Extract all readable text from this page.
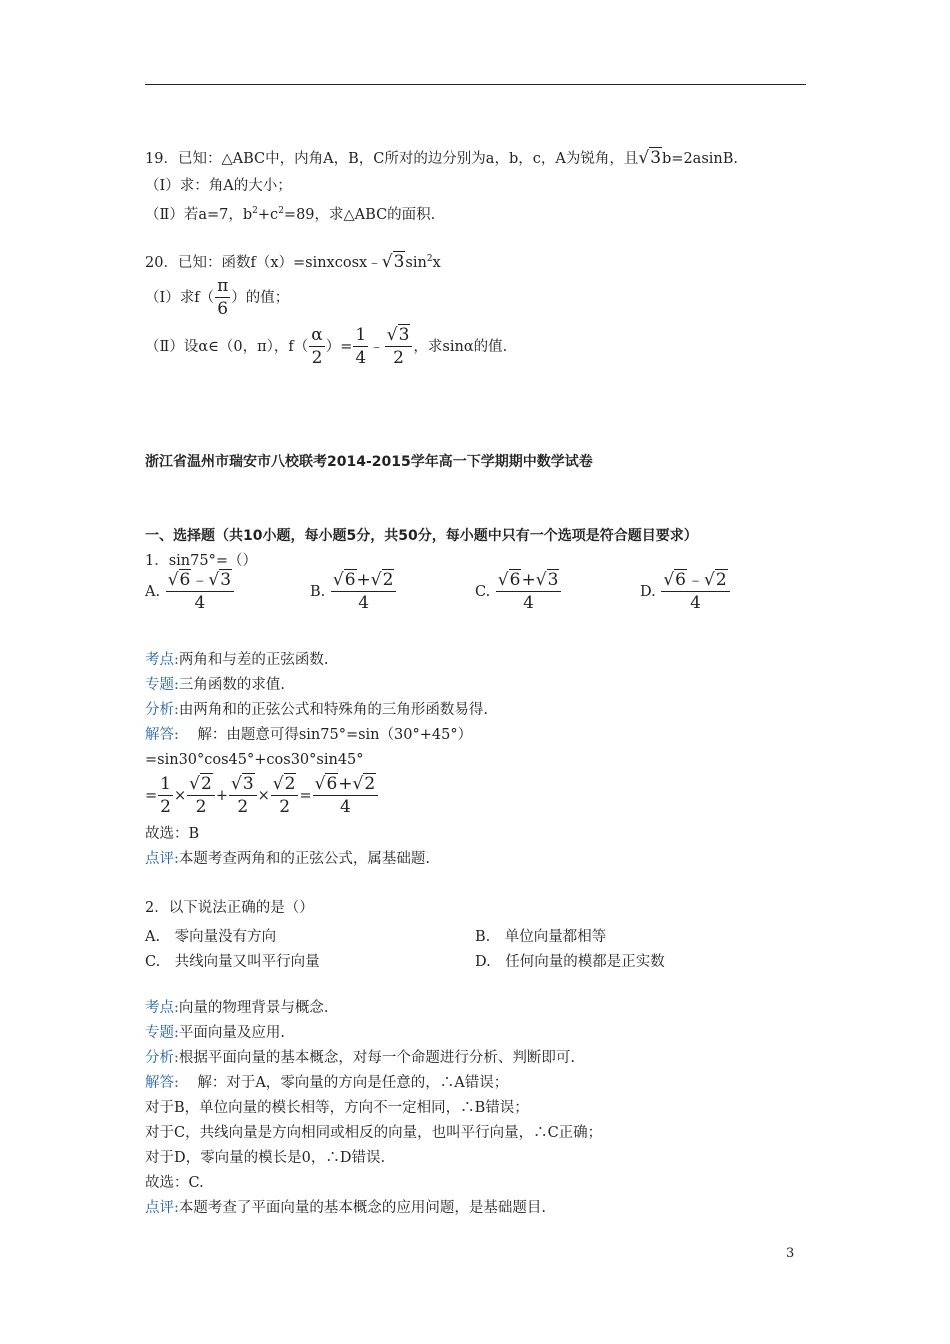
19．已知：△ABC中，内角A，B，C所对的边分别为a，b，c，A为锐角，且√3b=2asinB.
（Ⅰ）求：角A的大小；
（Ⅱ）若a=7，$b^2+c^2=89$，求△ABC的面积.
20．已知：函数$f(x)=sinxcosx﹣√3\sin^2x$
（Ⅰ）求$f( \frac{\pi}{6}$ ）的值；
（Ⅱ）设α∈（0，π），$f( \frac{\alpha}{2}$ ）= $\frac{1}{4}$ ﹣ $\frac{√3}{2}$ ，求sinα的值.
浙江省温州市瑞安市八校联考2014-2015学年高一下学期期中数学试卷
一、选择题（共10小题，每小题5分，共50分，每小题中只有一个选项是符合题目要求）
1．sin75°=（）
A. $\frac{√6﹣√3}{4}$	B. $\frac{√6+√2}{4}$	C. $\frac{√6+√3}{4}$	D. $\frac{√6﹣√2}{4}$
考点:两角和与差的正弦函数.
专题:三角函数的求值.
分析:由两角和的正弦公式和特殊角的三角形函数易得.
解答: 解：由题意可得sin75°=sin（30°+45°）
=sin30°cos45°+cos30°sin45°
= $\frac{1}{2} \times \frac{√2}{2} + \frac{√3}{2} \times \frac{√2}{2} = \frac{√6+√2}{4}$
故选：B
点评:本题考查两角和的正弦公式，属基础题.
2．以下说法正确的是（）
A.　零向量没有方向	B.　单位向量都相等
C.　共线向量又叫平行向量	D.　任何向量的模都是正实数
考点:向量的物理背景与概念.
专题:平面向量及应用.
分析:根据平面向量的基本概念，对每一个命题进行分析、判断即可.
解答: 解：对于A，零向量的方向是任意的，∴A错误；
对于B，单位向量的模长相等，方向不一定相同，∴B错误；
对于C，共线向量是方向相同或相反的向量，也叫平行向量，∴C正确；
对于D，零向量的模长是0，∴D错误.
故选：C.
点评:本题考查了平面向量的基本概念的应用问题，是基础题目.
3
